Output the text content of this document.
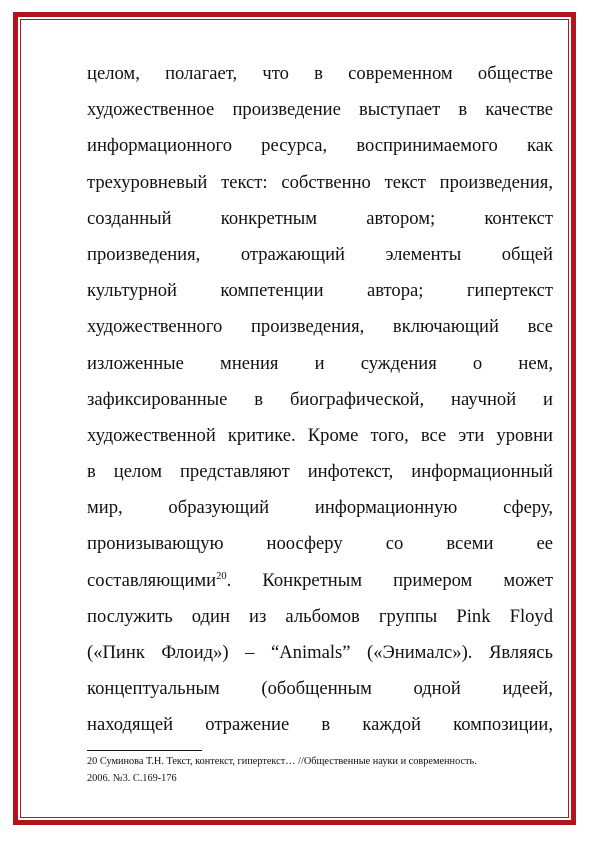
целом, полагает, что в современном обществе
художественное произведение выступает в качестве
информационного ресурса, воспринимаемого как
трехуровневый текст: собственно текст произведения,
созданный конкретным автором; контекст
произведения, отражающий элементы общей
культурной компетенции автора; гипертекст
художественного произведения, включающий все
изложенные мнения и суждения о нем,
зафиксированные в биографической, научной и
художественной критике. Кроме того, все эти уровни
в целом представляют инфотекст, информационный
мир, образующий информационную сферу,
пронизывающую ноосферу со всеми ее
составляющими$^{20}$. Конкретным примером может
послужить один из альбомов группы Pink Floyd
(«Пинк Флоид») – “Animals” («Энималс»). Являясь
концептуальным (обобщенным одной идеей,
находящей отражение в каждой композиции,
20 Суминова Т.Н. Текст, контекст, гипертекст… //Общественные науки и современность.
2006. №3. С.169-176
